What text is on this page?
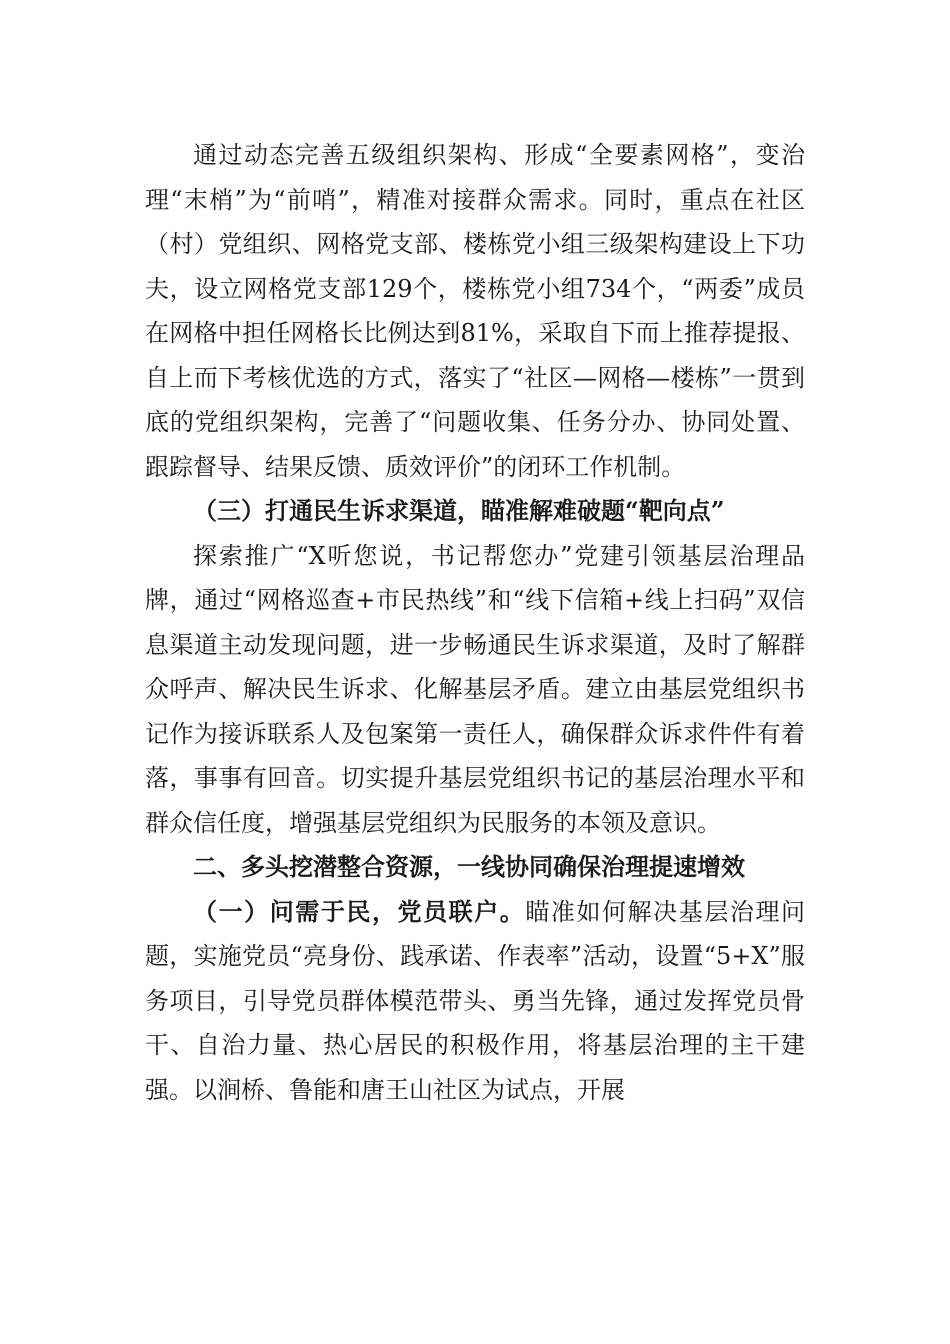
通过动态完善五级组织架构、形成“全要素网格”，变治理“末梢”为“前哨”，精准对接群众需求。同时，重点在社区（村）党组织、网格党支部、楼栋党小组三级架构建设上下功夫，设立网格党支部129个，楼栋党小组734个，“两委”成员在网格中担任网格长比例达到81%，采取自下而上推荐提报、自上而下考核优选的方式，落实了“社区—网格—楼栋”一贯到底的党组织架构，完善了“问题收集、任务分办、协同处置、跟踪督导、结果反馈、质效评价”的闭环工作机制。

（三）打通民生诉求渠道，瞄准解难破题“靶向点”

探索推广“X听您说，书记帮您办”党建引领基层治理品牌，通过“网格巡查+市民热线”和“线下信箱+线上扫码”双信息渠道主动发现问题，进一步畅通民生诉求渠道，及时了解群众呼声、解决民生诉求、化解基层矛盾。建立由基层党组织书记作为接诉联系人及包案第一责任人，确保群众诉求件件有着落，事事有回音。切实提升基层党组织书记的基层治理水平和群众信任度，增强基层党组织为民服务的本领及意识。

二、多头挖潜整合资源，一线协同确保治理提速增效

（一）问需于民，党员联户。瞄准如何解决基层治理问题，实施党员“亮身份、践承诺、作表率”活动，设置“5+X”服务项目，引导党员群体模范带头、勇当先锋，通过发挥党员骨干、自治力量、热心居民的积极作用，将基层治理的主干建强。以涧桥、鲁能和唐王山社区为试点，开展
